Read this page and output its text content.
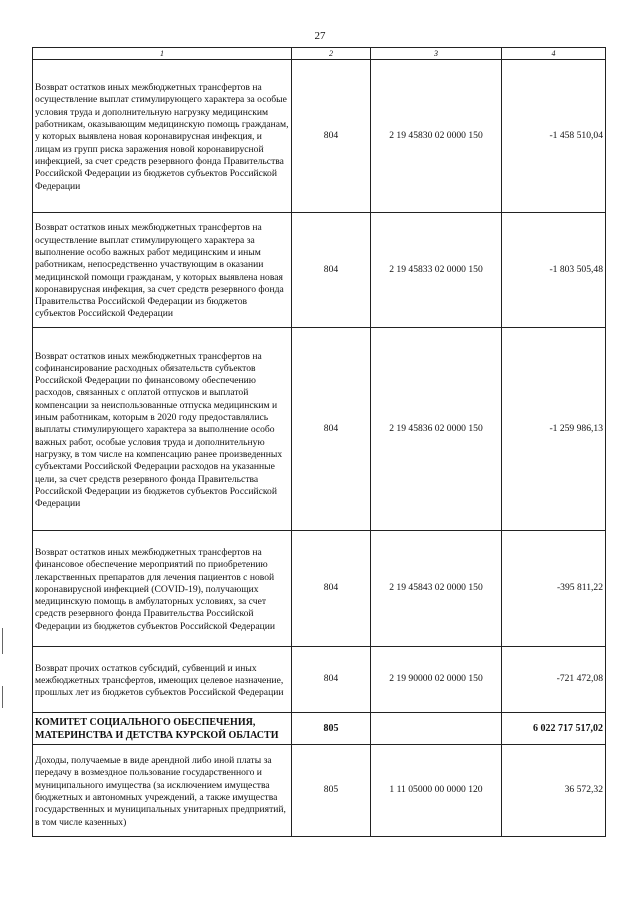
27
1	2	3	4
Возврат остатков иных межбюджетных трансфертов на осуществление выплат стимулирующего характера за особые условия труда и дополнительную нагрузку медицинским работникам, оказывающим медицинскую помощь гражданам, у которых выявлена новая коронавирусная инфекция, и лицам из групп риска заражения новой коронавирусной инфекцией, за счет средств резервного фонда Правительства Российской Федерации из бюджетов субъектов Российской Федерации	804	2 19 45830 02 0000 150	-1 458 510,04
Возврат остатков иных межбюджетных трансфертов на осуществление выплат стимулирующего характера за выполнение особо важных работ медицинским и иным работникам, непосредственно участвующим в оказании медицинской помощи гражданам, у которых выявлена новая коронавирусная инфекция, за счет средств резервного фонда Правительства Российской Федерации из бюджетов субъектов Российской Федерации	804	2 19 45833 02 0000 150	-1 803 505,48
Возврат остатков иных межбюджетных трансфертов на софинансирование расходных обязательств субъектов Российской Федерации по финансовому обеспечению расходов, связанных с оплатой отпусков и выплатой компенсации за неиспользованные отпуска медицинским и иным работникам, которым в 2020 году предоставлялись выплаты стимулирующего характера за выполнение особо важных работ, особые условия труда и дополнительную нагрузку, в том числе на компенсацию ранее произведенных субъектами Российской Федерации расходов на указанные цели, за счет средств резервного фонда Правительства Российской Федерации из бюджетов субъектов Российской Федерации	804	2 19 45836 02 0000 150	-1 259 986,13
Возврат остатков иных межбюджетных трансфертов на финансовое обеспечение мероприятий по приобретению лекарственных препаратов для лечения пациентов с новой коронавирусной инфекцией (COVID-19), получающих медицинскую помощь в амбулаторных условиях, за счет средств резервного фонда Правительства Российской Федерации из бюджетов субъектов Российской Федерации	804	2 19 45843 02 0000 150	-395 811,22
Возврат прочих остатков субсидий, субвенций и иных межбюджетных трансфертов, имеющих целевое назначение, прошлых лет из бюджетов субъектов Российской Федерации	804	2 19 90000 02 0000 150	-721 472,08
КОМИТЕТ СОЦИАЛЬНОГО ОБЕСПЕЧЕНИЯ, МАТЕРИНСТВА И ДЕТСТВА КУРСКОЙ ОБЛАСТИ	805		6 022 717 517,02
Доходы, получаемые в виде арендной либо иной платы за передачу в возмездное пользование государственного и муниципального имущества (за исключением имущества бюджетных и автономных учреждений, а также имущества государственных и муниципальных унитарных предприятий, в том числе казенных)	805	1 11 05000 00 0000 120	36 572,32
